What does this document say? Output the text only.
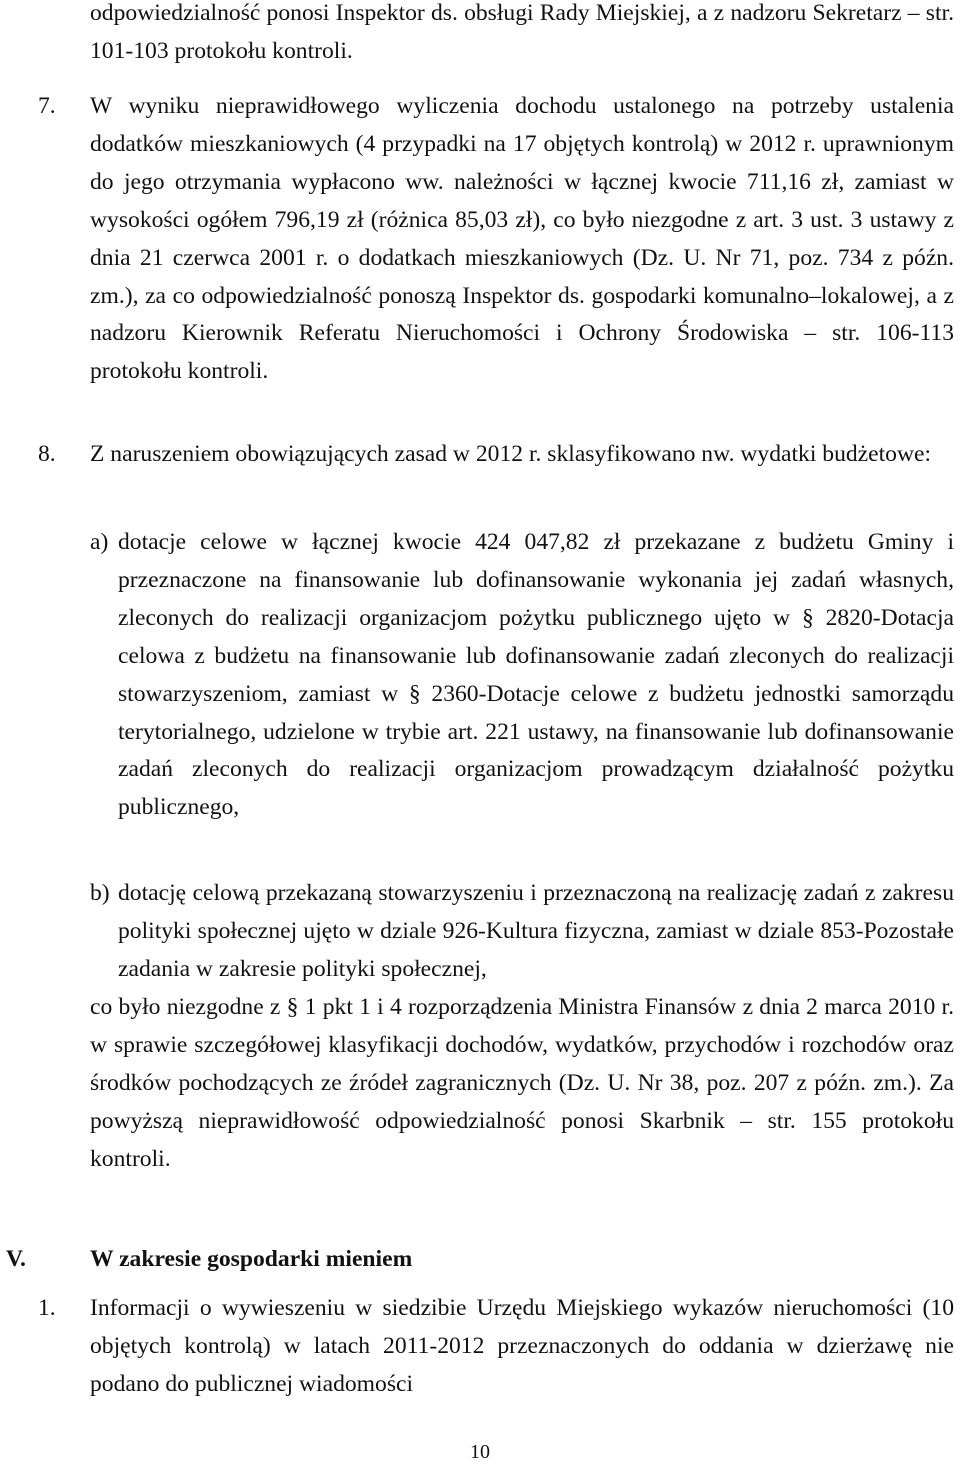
odpowiedzialność ponosi Inspektor ds. obsługi Rady Miejskiej, a z nadzoru Sekretarz – str. 101-103 protokołu kontroli.

7. W wyniku nieprawidłowego wyliczenia dochodu ustalonego na potrzeby ustalenia dodatków mieszkaniowych (4 przypadki na 17 objętych kontrolą) w 2012 r. uprawnionym do jego otrzymania wypłacono ww. należności w łącznej kwocie 711,16 zł, zamiast w wysokości ogółem 796,19 zł (różnica 85,03 zł), co było niezgodne z art. 3 ust. 3 ustawy z dnia 21 czerwca 2001 r. o dodatkach mieszkaniowych (Dz. U. Nr 71, poz. 734 z późn. zm.), za co odpowiedzialność ponoszą Inspektor ds. gospodarki komunalno–lokalowej, a z nadzoru Kierownik Referatu Nieruchomości i Ochrony Środowiska – str. 106-113 protokołu kontroli.

8. Z naruszeniem obowiązujących zasad w 2012 r. sklasyfikowano nw. wydatki budżetowe:

a) dotacje celowe w łącznej kwocie 424 047,82 zł przekazane z budżetu Gminy i przeznaczone na finansowanie lub dofinansowanie wykonania jej zadań własnych, zleconych do realizacji organizacjom pożytku publicznego ujęto w § 2820-Dotacja celowa z budżetu na finansowanie lub dofinansowanie zadań zleconych do realizacji stowarzyszeniom, zamiast w § 2360-Dotacje celowe z budżetu jednostki samorządu terytorialnego, udzielone w trybie art. 221 ustawy, na finansowanie lub dofinansowanie zadań zleconych do realizacji organizacjom prowadzącym działalność pożytku publicznego,

b) dotację celową przekazaną stowarzyszeniu i przeznaczoną na realizację zadań z zakresu polityki społecznej ujęto w dziale 926-Kultura fizyczna, zamiast w dziale 853-Pozostałe zadania w zakresie polityki społecznej,

co było niezgodne z § 1 pkt 1 i 4 rozporządzenia Ministra Finansów z dnia 2 marca 2010 r. w sprawie szczegółowej klasyfikacji dochodów, wydatków, przychodów i rozchodów oraz środków pochodzących ze źródeł zagranicznych (Dz. U. Nr 38, poz. 207 z późn. zm.). Za powyższą nieprawidłowość odpowiedzialność ponosi Skarbnik – str. 155 protokołu kontroli.

V.	W zakresie gospodarki mieniem
1. Informacji o wywieszeniu w siedzibie Urzędu Miejskiego wykazów nieruchomości (10 objętych kontrolą) w latach 2011-2012 przeznaczonych do oddania w dzierżawę nie podano do publicznej wiadomości

10
